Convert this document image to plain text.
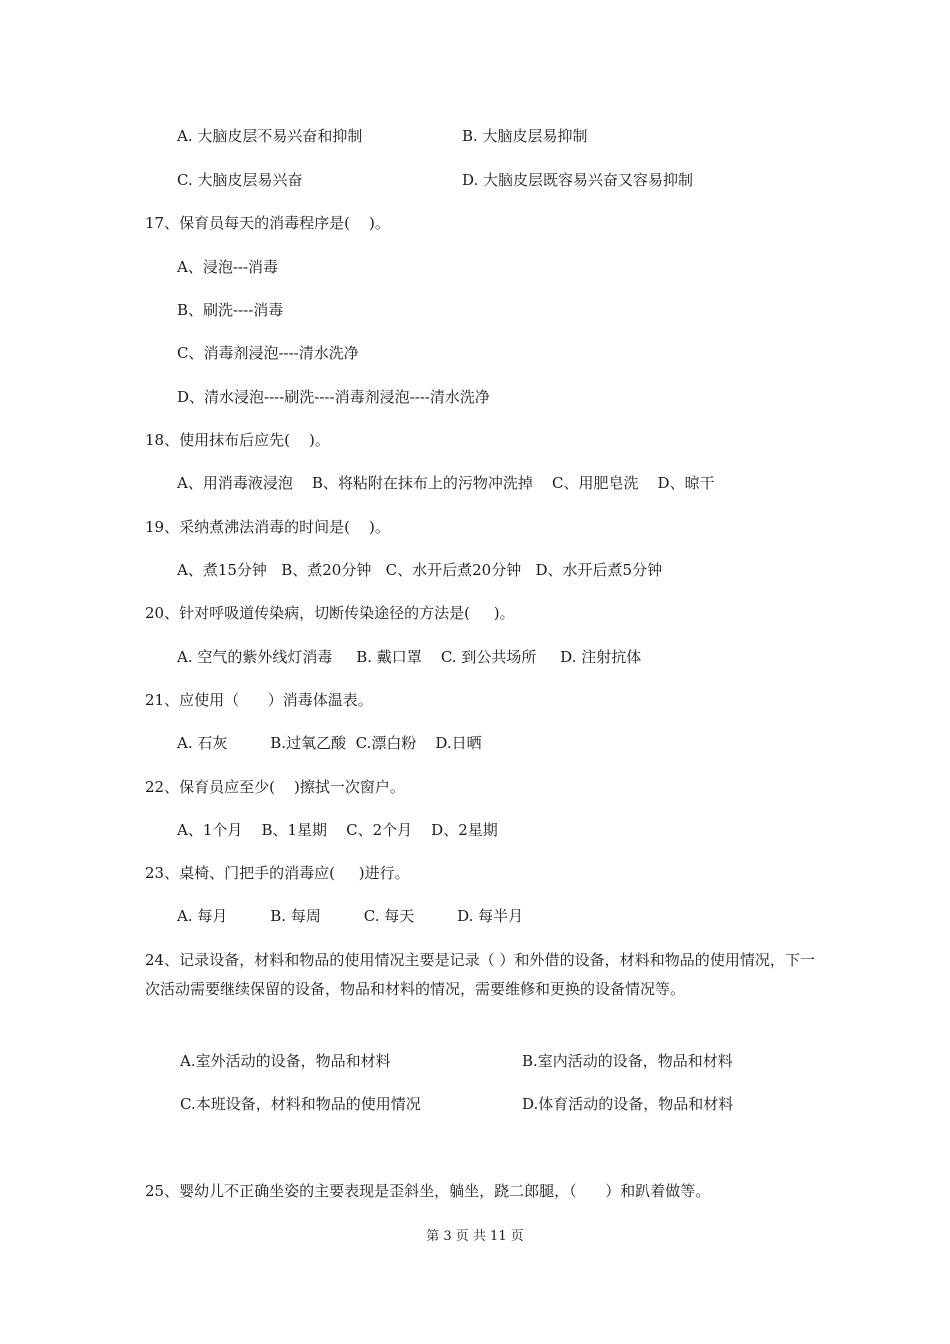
A. 大脑皮层不易兴奋和抑制	B. 大脑皮层易抑制
C. 大脑皮层易兴奋	D. 大脑皮层既容易兴奋又容易抑制
17、保育员每天的消毒程序是(    )。
A、浸泡---消毒
B、刷洗----消毒
C、消毒剂浸泡----清水洗净
D、清水浸泡----刷洗----消毒剂浸泡----清水洗净
18、使用抹布后应先(    )。
A、用消毒液浸泡    B、将粘附在抹布上的污物冲洗掉    C、用肥皂洗    D、晾干
19、采纳煮沸法消毒的时间是(    )。
A、煮15分钟   B、煮20分钟   C、水开后煮20分钟   D、水开后煮5分钟
20、针对呼吸道传染病，切断传染途径的方法是(     )。
A. 空气的紫外线灯消毒     B. 戴口罩    C. 到公共场所     D. 注射抗体
21、应使用（      ）消毒体温表。
A. 石灰         B.过氧乙酸  C.漂白粉    D.日晒
22、保育员应至少(    )擦拭一次窗户。
A、1个月    B、1星期    C、2个月    D、2星期
23、桌椅、门把手的消毒应(     )进行。
A. 每月         B. 每周         C. 每天         D. 每半月
24、记录设备，材料和物品的使用情况主要是记录（ ）和外借的设备，材料和物品的使用情况，下一次活动需要继续保留的设备，物品和材料的情况，需要维修和更换的设备情况等。
A.室外活动的设备，物品和材料	B.室内活动的设备，物品和材料
C.本班设备，材料和物品的使用情况	D.体育活动的设备，物品和材料
25、婴幼儿不正确坐姿的主要表现是歪斜坐，躺坐，跷二郎腿，（      ）和趴着做等。
第 3 页 共 11 页
